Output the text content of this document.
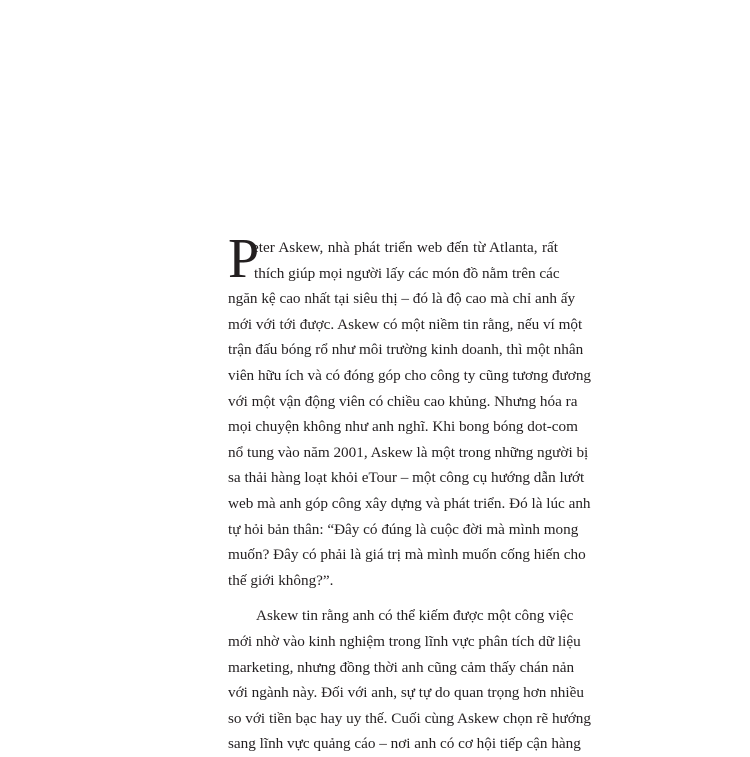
P
eter Askew, nhà phát triển web đến từ Atlanta, rất
thích giúp mọi người lấy các món đồ nằm trên các
ngăn kệ cao nhất tại siêu thị – đó là độ cao mà chỉ anh ấy
mới với tới được. Askew có một niềm tin rằng, nếu ví một
trận đấu bóng rổ như môi trường kinh doanh, thì một nhân
viên hữu ích và có đóng góp cho công ty cũng tương đương
với một vận động viên có chiều cao khủng. Nhưng hóa ra
mọi chuyện không như anh nghĩ. Khi bong bóng dot-com
nổ tung vào năm 2001, Askew là một trong những người bị
sa thải hàng loạt khỏi eTour – một công cụ hướng dẫn lướt
web mà anh góp công xây dựng và phát triển. Đó là lúc anh
tự hỏi bản thân: “Đây có đúng là cuộc đời mà mình mong
muốn? Đây có phải là giá trị mà mình muốn cống hiến cho
thế giới không?”.
Askew tin rằng anh có thể kiếm được một công việc
mới nhờ vào kinh nghiệm trong lĩnh vực phân tích dữ liệu
marketing, nhưng đồng thời anh cũng cảm thấy chán nản
với ngành này. Đối với anh, sự tự do quan trọng hơn nhiều
so với tiền bạc hay uy thế. Cuối cùng Askew chọn rẽ hướng
sang lĩnh vực quảng cáo – nơi anh có cơ hội tiếp cận hàng
